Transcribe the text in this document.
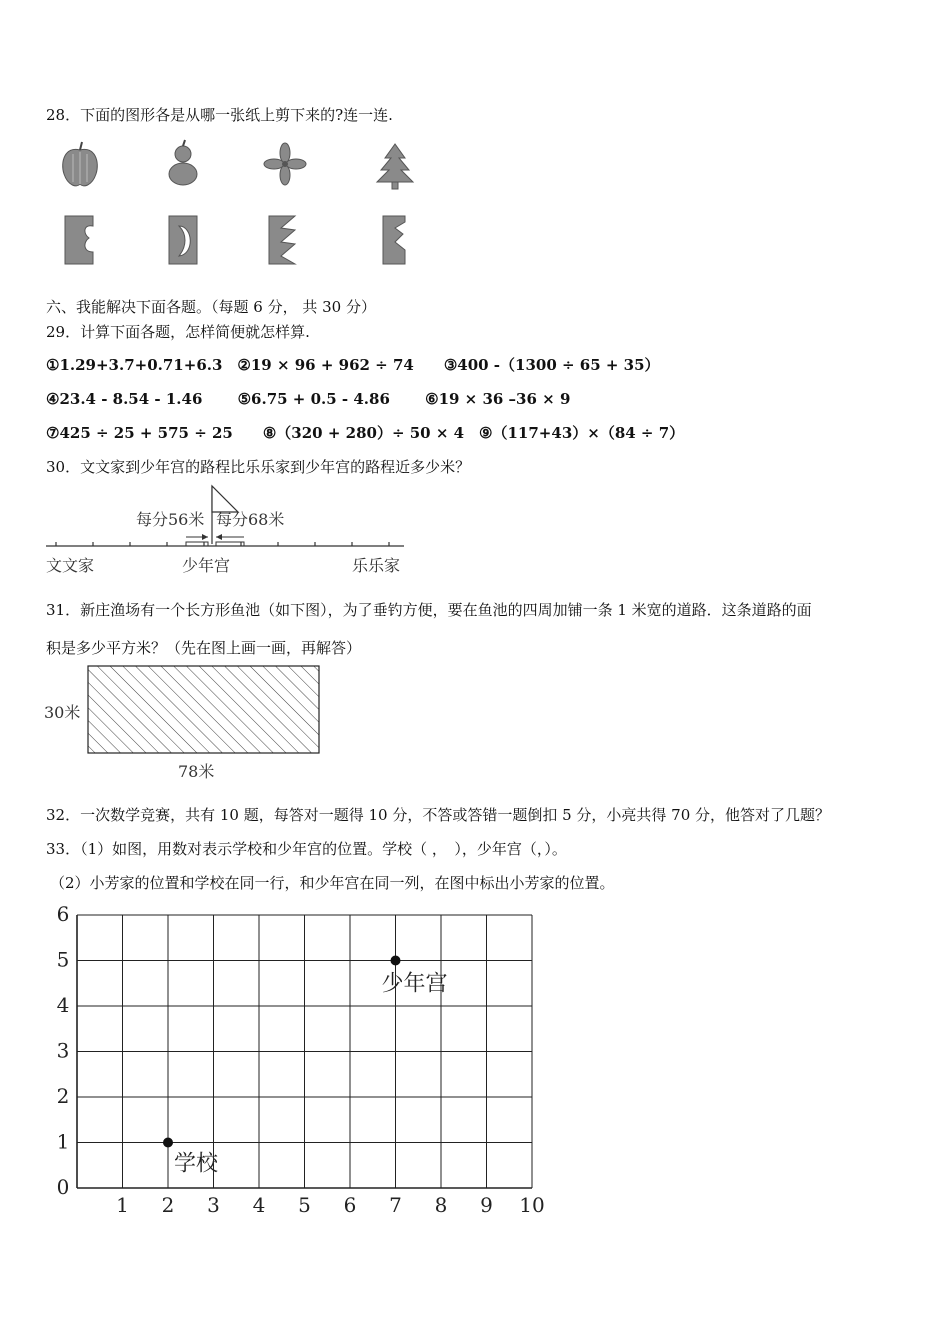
28．下面的图形各是从哪一张纸上剪下来的?连一连.
六、我能解决下面各题。（每题 6 分， 共 30 分）
29．计算下面各题，怎样简便就怎样算.
①1.29+3.7+0.71+6.3　②19 × 96 + 962 ÷ 74　　③400 -（1300 ÷ 65 + 35）
④23.4 - 8.54 - 1.46　　 ⑤6.75 + 0.5 - 4.86　　 ⑥19 × 36 –36 × 9
⑦425 ÷ 25 + 575 ÷ 25　　⑧（320 + 280）÷ 50 × 4　⑨（117+43）×（84 ÷ 7）
30．文文家到少年宫的路程比乐乐家到少年宫的路程近多少米？
每分56米 每分68米
文文家	少年宫	乐乐家
31．新庄渔场有一个长方形鱼池（如下图），为了垂钓方便，要在鱼池的四周加铺一条 1 米宽的道路．这条道路的面
积是多少平方米？（先在图上画一画，再解答）
30米
78米
32．一次数学竞赛，共有 10 题，每答对一题得 10 分，不答或答错一题倒扣 5 分，小亮共得 70 分，他答对了几题？
33．（1）如图，用数对表示学校和少年宫的位置。学校（ ，　），少年宫（，）。
（2）小芳家的位置和学校在同一行，和少年宫在同一列，在图中标出小芳家的位置。
1 2 3 4 5 6 7 8 9 10
0
1
2
3
4
5
6
学校
少年宫
